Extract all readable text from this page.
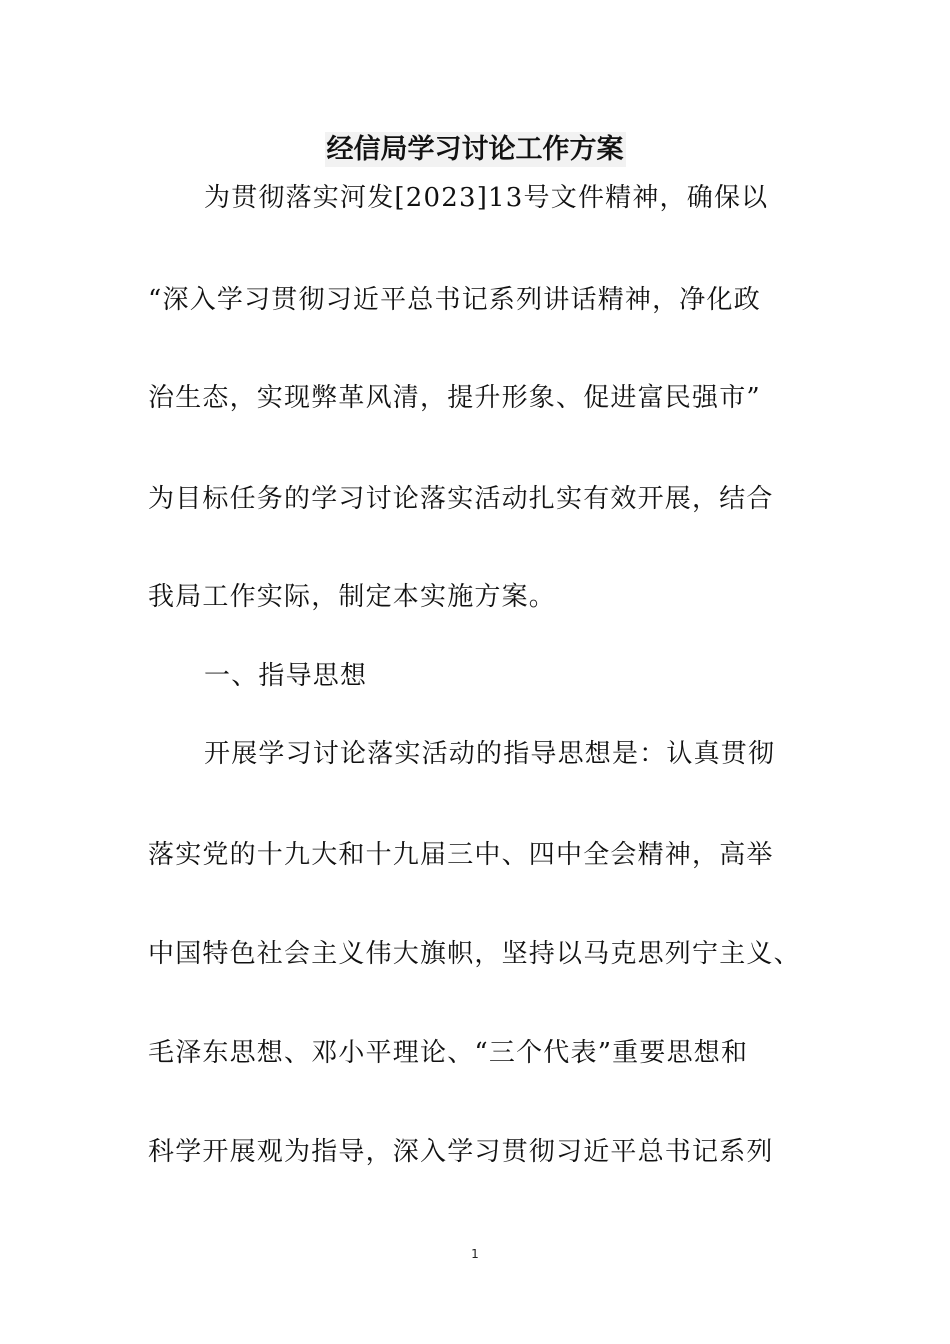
经信局学习讨论工作方案

为贯彻落实河发[2023]13号文件精神，确保以

“深入学习贯彻习近平总书记系列讲话精神，净化政

治生态，实现弊革风清，提升形象、促进富民强市”

为目标任务的学习讨论落实活动扎实有效开展，结合

我局工作实际，制定本实施方案。

一、指导思想

开展学习讨论落实活动的指导思想是：认真贯彻

落实党的十九大和十九届三中、四中全会精神，高举

中国特色社会主义伟大旗帜，坚持以马克思列宁主义、

毛泽东思想、邓小平理论、“三个代表”重要思想和

科学开展观为指导，深入学习贯彻习近平总书记系列

1
